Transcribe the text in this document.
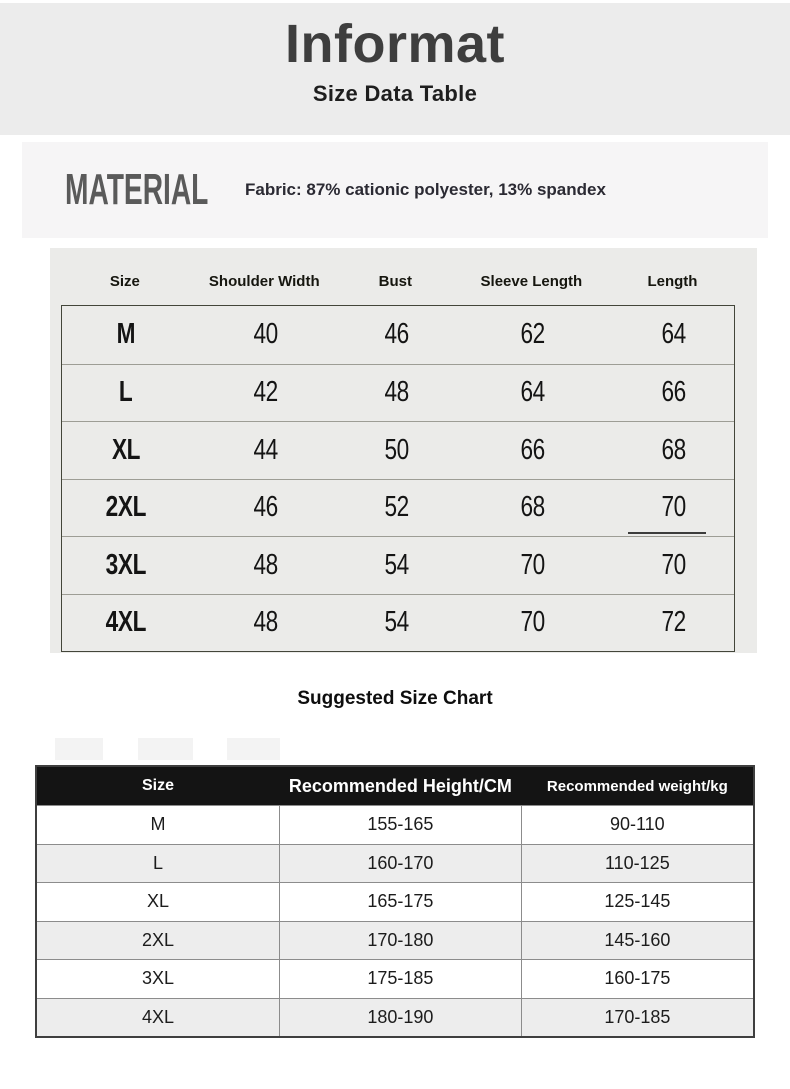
Informat
Size Data Table
MATERIAL	Fabric: 87% cationic polyester, 13% spandex
Size	Shoulder Width	Bust	Sleeve Length	Length
M	40	46	62	64
L	42	48	64	66
XL	44	50	66	68
2XL	46	52	68	70
3XL	48	54	70	70
4XL	48	54	70	72
Suggested Size Chart
Size	Recommended Height/CM	Recommended weight/kg
M	155-165	90-110
L	160-170	110-125
XL	165-175	125-145
2XL	170-180	145-160
3XL	175-185	160-175
4XL	180-190	170-185
